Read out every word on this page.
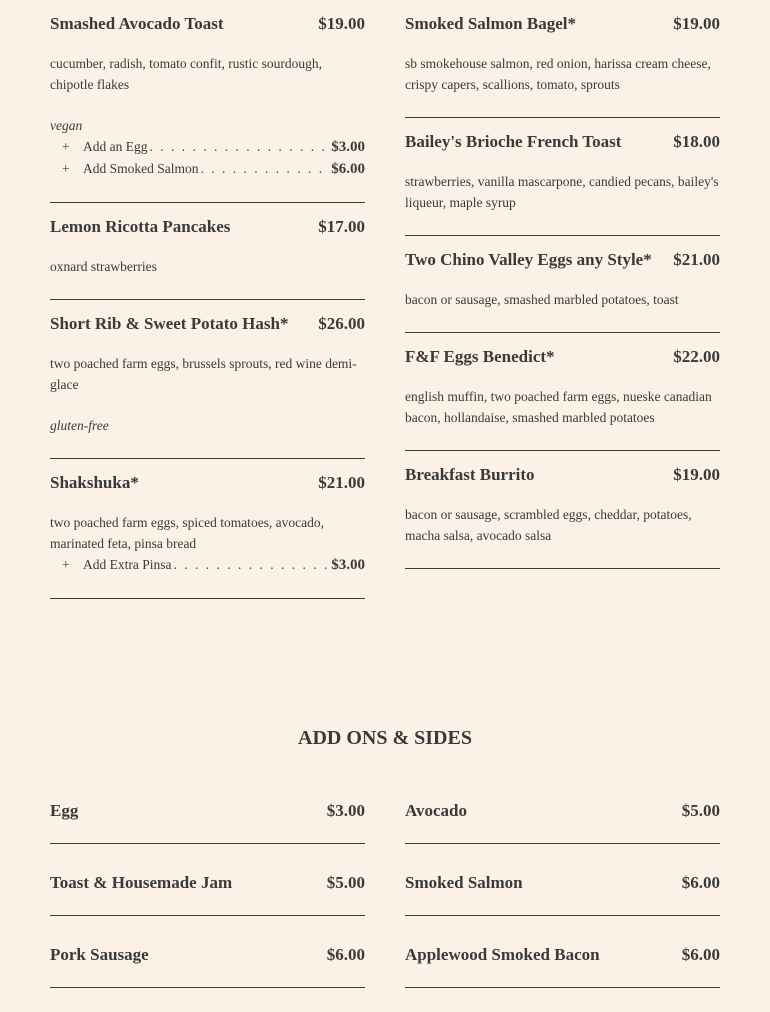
Smashed Avocado Toast	$19.00
cucumber, radish, tomato confit, rustic sourdough, chipotle flakes
vegan
+ Add an Egg . . .	$3.00
+ Add Smoked Salmon . . .	$6.00
Lemon Ricotta Pancakes	$17.00
oxnard strawberries
Short Rib & Sweet Potato Hash* $26.00
two poached farm eggs, brussels sprouts, red wine demi-glace
gluten-free
Shakshuka*	$21.00
two poached farm eggs, spiced tomatoes, avocado, marinated feta, pinsa bread
+ Add Extra Pinsa . . .	$3.00
Smoked Salmon Bagel*	$19.00
sb smokehouse salmon, red onion, harissa cream cheese, crispy capers, scallions, tomato, sprouts
Bailey's Brioche French Toast	$18.00
strawberries, vanilla mascarpone, candied pecans, bailey's liqueur, maple syrup
Two Chino Valley Eggs any Style* $21.00
bacon or sausage, smashed marbled potatoes, toast
F&F Eggs Benedict*	$22.00
english muffin, two poached farm eggs, nueske canadian bacon, hollandaise, smashed marbled potatoes
Breakfast Burrito	$19.00
bacon or sausage, scrambled eggs, cheddar, potatoes, macha salsa, avocado salsa
ADD ONS & SIDES
Egg	$3.00
Toast & Housemade Jam	$5.00
Pork Sausage	$6.00
Avocado	$5.00
Smoked Salmon	$6.00
Applewood Smoked Bacon	$6.00
